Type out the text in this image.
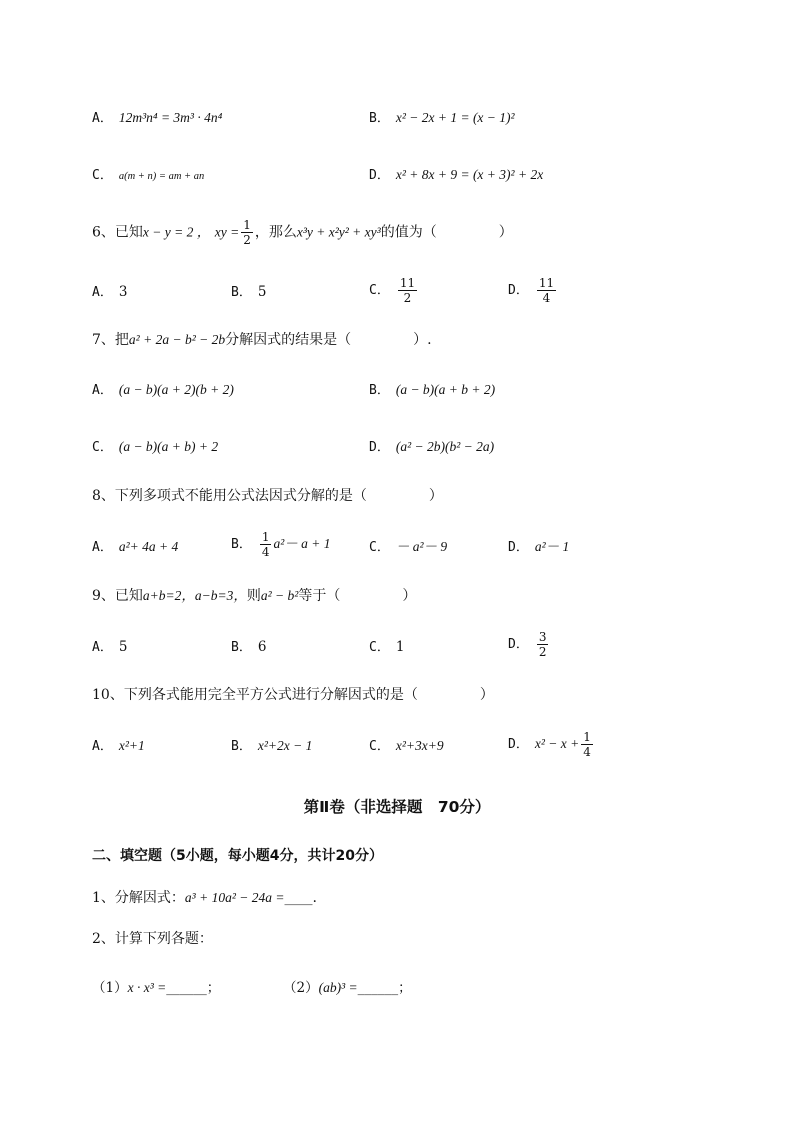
A． 12m³n⁴ = 3m³ · 4n⁴	B． x² − 2x + 1 = (x − 1)²
C． a(m + n) = am + an	D． x² + 8x + 9 = (x + 3)² + 2x
6、已知x − y = 2 ， xy = $\frac{1}{2}$ ，那么x³y + x²y² + xy³的值为（	）
A． 3	B． 5	C． $\frac{11}{2}$	D． $\frac{11}{4}$
7、把a² + 2a − b² − 2b分解因式的结果是（	）.
A． (a − b)(a + 2)(b + 2)	B． (a − b)(a + b + 2)
C． (a − b)(a + b) + 2	D． (a² − 2b)(b² − 2a)
8、下列多项式不能用公式法因式分解的是（	）
A． a²+ 4a + 4	B． $\frac{1}{4} a^2- a + 1$	C． － a²－ 9	D． a²－ 1
9、已知a+b=2，a−b=3，则a² − b²等于（	）
A． 5	B． 6	C． 1	D． $\frac{3}{2}$
10、下列各式能用完全平方公式进行分解因式的是（	）
A． x²+1	B． x²+2x − 1	C． x²+3x+9	D． $x^2 - x + \frac{1}{4}$
第Ⅱ卷（非选择题　70分）
二、填空题（5小题，每小题4分，共计20分）
1、分解因式：a³ + 10a² − 24a =____.
2、计算下列各题：
（1）x · x³ =______；	（2）(ab)³ =______；
